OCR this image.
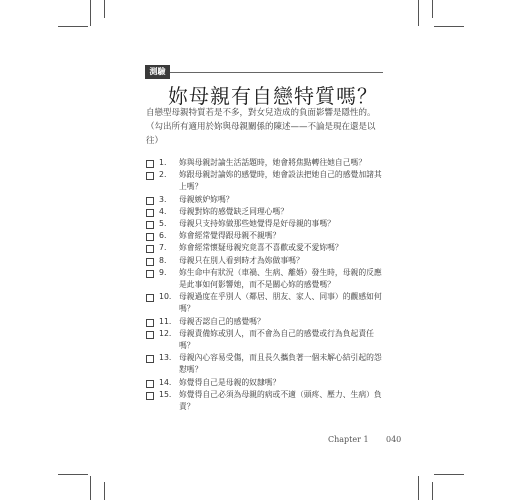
測驗
妳母親有自戀特質嗎？

自戀型母親特質若是不多，對女兒造成的負面影響是隱性的。

（勾出所有適用於妳與母親關係的陳述——不論是現在還是以

往）

1.	妳與母親討論生活話題時，她會將焦點轉往她自己嗎？
2.	妳跟母親討論妳的感覺時，她會設法把她自己的感覺加諸其上嗎？
3.	母親嫉妒妳嗎？
4.	母親對妳的感覺缺乏同理心嗎？
5.	母親只支持妳做那些她覺得是好母親的事嗎？
6.	妳會經常覺得跟母親不親嗎？
7.	妳會經常懷疑母親究竟喜不喜歡或愛不愛妳嗎？
8.	母親只在別人看到時才為妳做事嗎？
9.	妳生命中有狀況（車禍、生病、離婚）發生時，母親的反應是此事如何影響她，而不是關心妳的感覺嗎？
10. 母親過度在乎別人（鄰居、朋友、家人、同事）的觀感如何嗎？
11. 母親否認自己的感覺嗎？
12. 母親責備妳或別人，而不會為自己的感覺或行為負起責任嗎？
13. 母親內心容易受傷，而且長久攜負著一個未解心結引起的怨懟嗎？
14. 妳覺得自己是母親的奴隸嗎？
15. 妳覺得自己必須為母親的病或不適（頭疼、壓力、生病）負責？
Chapter 1 040
